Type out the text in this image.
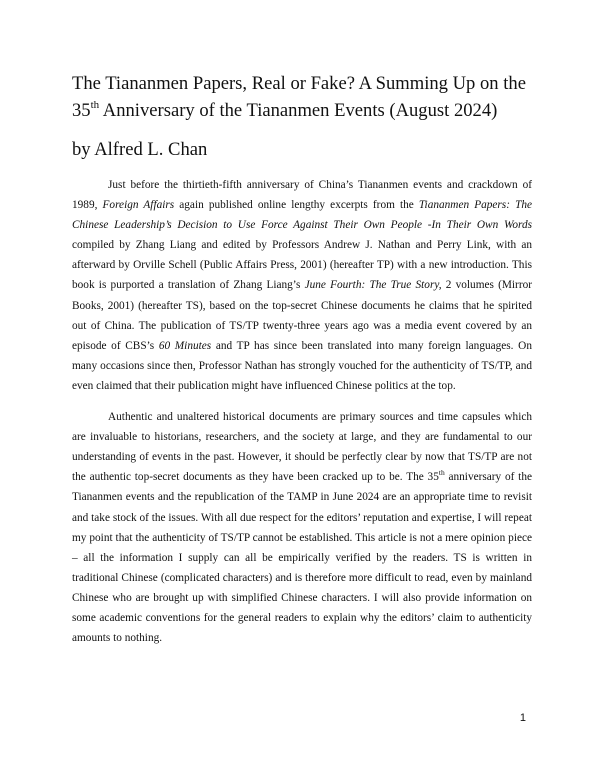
The Tiananmen Papers, Real or Fake? A Summing Up on the
35th Anniversary of the Tiananmen Events (August 2024)
by Alfred L. Chan

Just before the thirtieth-fifth anniversary of China’s Tiananmen events and crackdown of 1989, Foreign Affairs again published online lengthy excerpts from the Tiananmen Papers: The Chinese Leadership’s Decision to Use Force Against Their Own People -In Their Own Words compiled by Zhang Liang and edited by Professors Andrew J. Nathan and Perry Link, with an afterward by Orville Schell (Public Affairs Press, 2001) (hereafter TP) with a new introduction. This book is purported a translation of Zhang Liang’s June Fourth: The True Story, 2 volumes (Mirror Books, 2001) (hereafter TS), based on the top-secret Chinese documents he claims that he spirited out of China. The publication of TS/TP twenty-three years ago was a media event covered by an episode of CBS’s 60 Minutes and TP has since been translated into many foreign languages. On many occasions since then, Professor Nathan has strongly vouched for the authenticity of TS/TP, and even claimed that their publication might have influenced Chinese politics at the top.

Authentic and unaltered historical documents are primary sources and time capsules which are invaluable to historians, researchers, and the society at large, and they are fundamental to our understanding of events in the past. However, it should be perfectly clear by now that TS/TP are not the authentic top-secret documents as they have been cracked up to be. The 35th anniversary of the Tiananmen events and the republication of the TAMP in June 2024 are an appropriate time to revisit and take stock of the issues. With all due respect for the editors’ reputation and expertise, I will repeat my point that the authenticity of TS/TP cannot be established. This article is not a mere opinion piece – all the information I supply can all be empirically verified by the readers. TS is written in traditional Chinese (complicated characters) and is therefore more difficult to read, even by mainland Chinese who are brought up with simplified Chinese characters. I will also provide information on some academic conventions for the general readers to explain why the editors’ claim to authenticity amounts to nothing.

1
